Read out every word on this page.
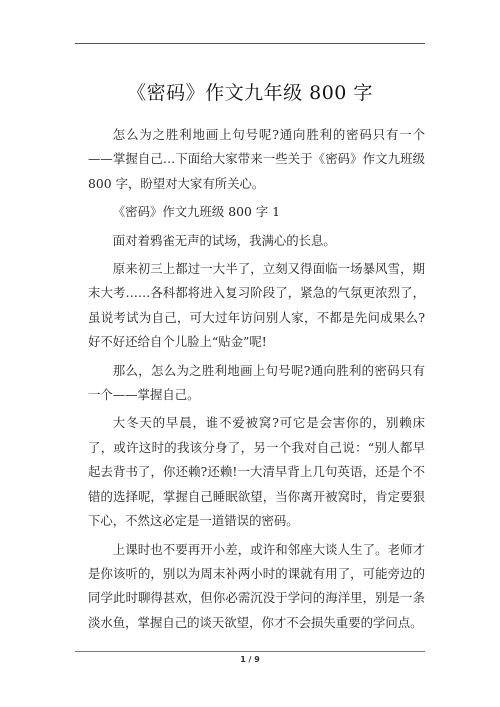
《密码》作文九年级 800 字

怎么为之胜利地画上句号呢?通向胜利的密码只有一个——掌握自己…下面给大家带来一些关于《密码》作文九班级 800 字，盼望对大家有所关心。

《密码》作文九班级 800 字 1

面对着鸦雀无声的试场，我满心的长息。

原来初三上都过一大半了，立刻又得面临一场暴风雪，期末大考……各科都将进入复习阶段了，紧急的气氛更浓烈了，虽说考试为自己，可大过年访问别人家，不都是先问成果么?好不好还给自个儿脸上“贴金”呢!

那么，怎么为之胜利地画上句号呢?通向胜利的密码只有一个——掌握自己。

大冬天的早晨，谁不爱被窝?可它是会害你的，别赖床了，或许这时的我该分身了，另一个我对自己说：“别人都早起去背书了，你还赖?还赖!一大清早背上几句英语，还是个不错的选择呢，掌握自己睡眠欲望，当你离开被窝时，肯定要狠下心，不然这必定是一道错误的密码。

上课时也不要再开小差，或许和邻座大谈人生了。老师才是你该听的，别以为周末补两小时的课就有用了，可能旁边的同学此时聊得甚欢，但你必需沉没于学问的海洋里，别是一条淡水鱼，掌握自己的谈天欲望，你才不会损失重要的学问点。

1 / 9
